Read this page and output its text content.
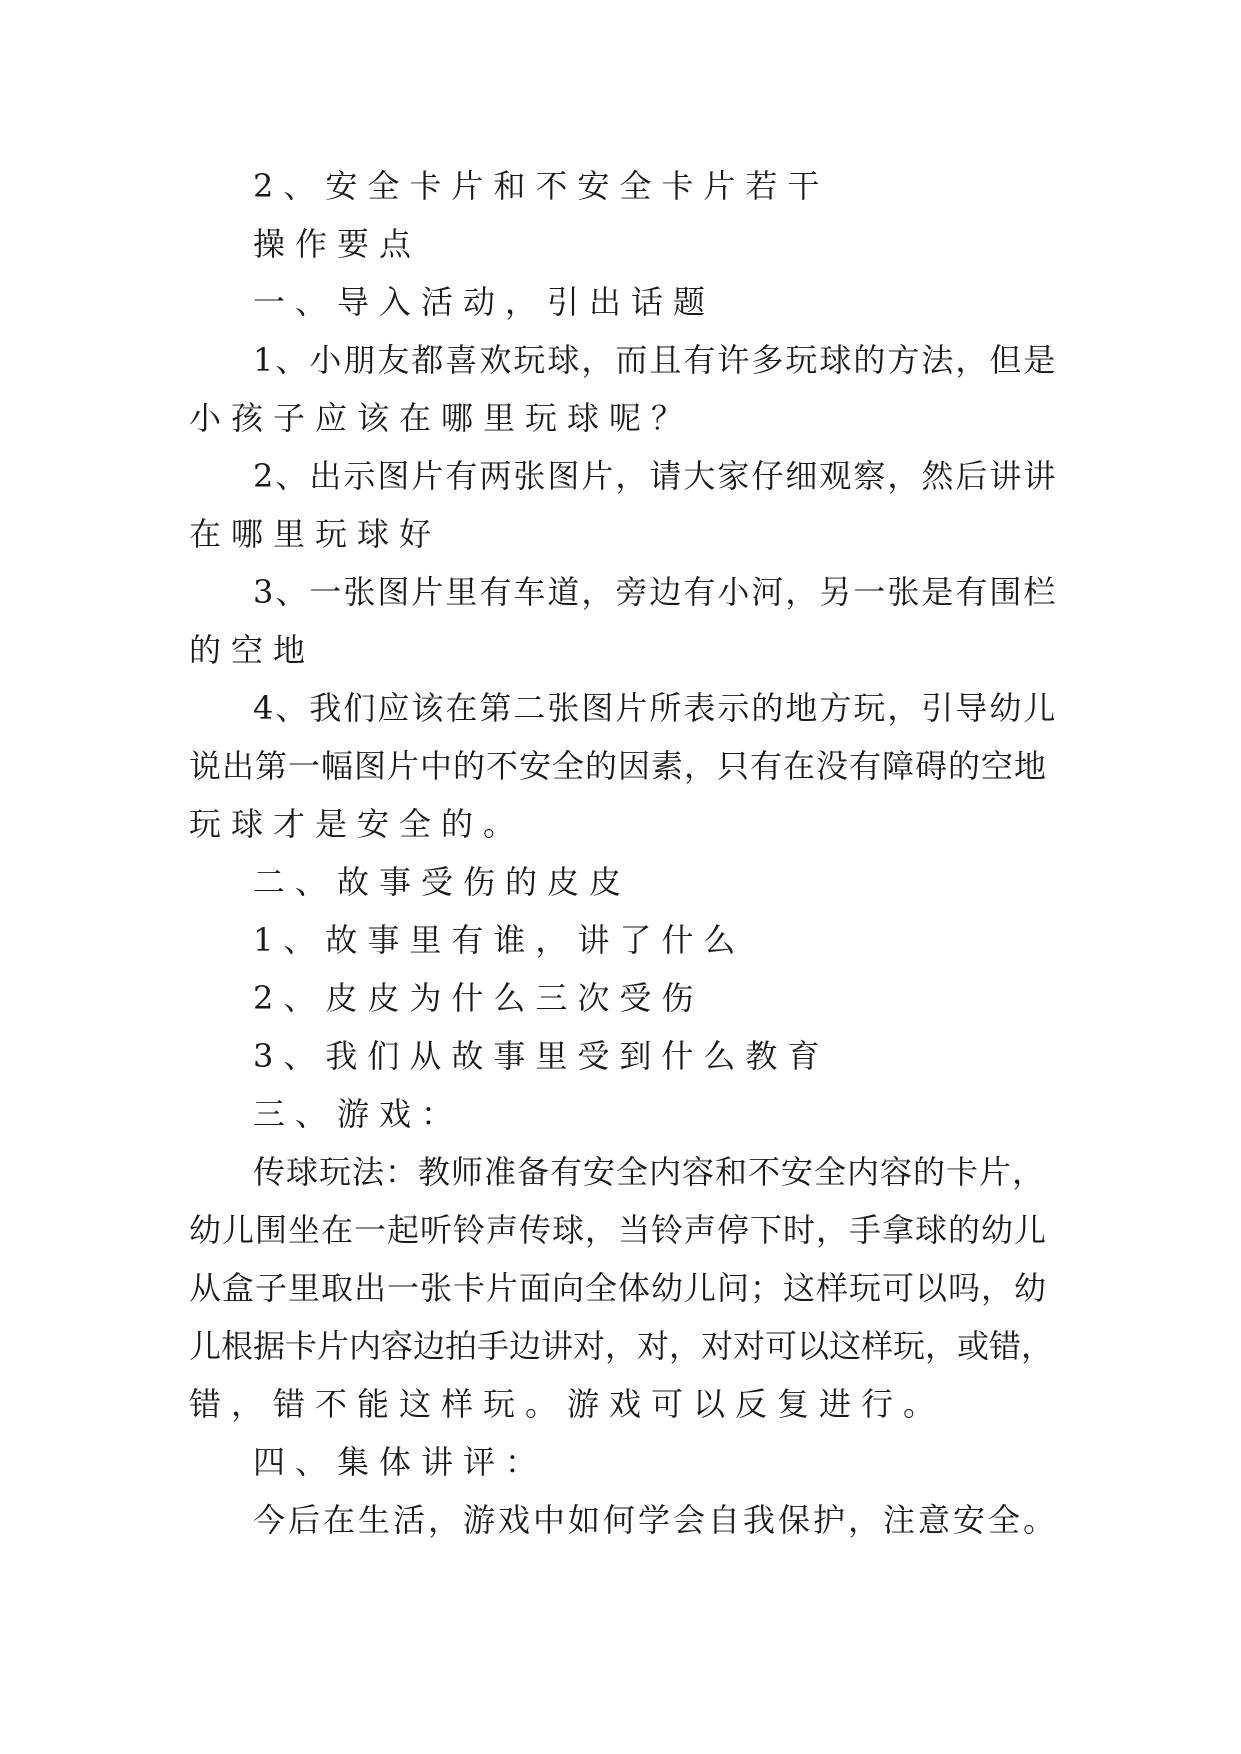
2、安全卡片和不安全卡片若干
操作要点
一、导入活动，引出话题
1、小朋友都喜欢玩球，而且有许多玩球的方法，但是
小孩子应该在哪里玩球呢？
2、出示图片有两张图片，请大家仔细观察，然后讲讲
在哪里玩球好
3、一张图片里有车道，旁边有小河，另一张是有围栏
的空地
4、我们应该在第二张图片所表示的地方玩，引导幼儿
说出第一幅图片中的不安全的因素，只有在没有障碍的空地
玩球才是安全的。
二、故事受伤的皮皮
1、故事里有谁，讲了什么
2、皮皮为什么三次受伤
3、我们从故事里受到什么教育
三、游戏：
传球玩法：教师准备有安全内容和不安全内容的卡片，
幼儿围坐在一起听铃声传球，当铃声停下时，手拿球的幼儿
从盒子里取出一张卡片面向全体幼儿问；这样玩可以吗，幼
儿根据卡片内容边拍手边讲对，对，对对可以这样玩，或错，
错，错不能这样玩。游戏可以反复进行。
四、集体讲评：
今后在生活，游戏中如何学会自我保护，注意安全。
